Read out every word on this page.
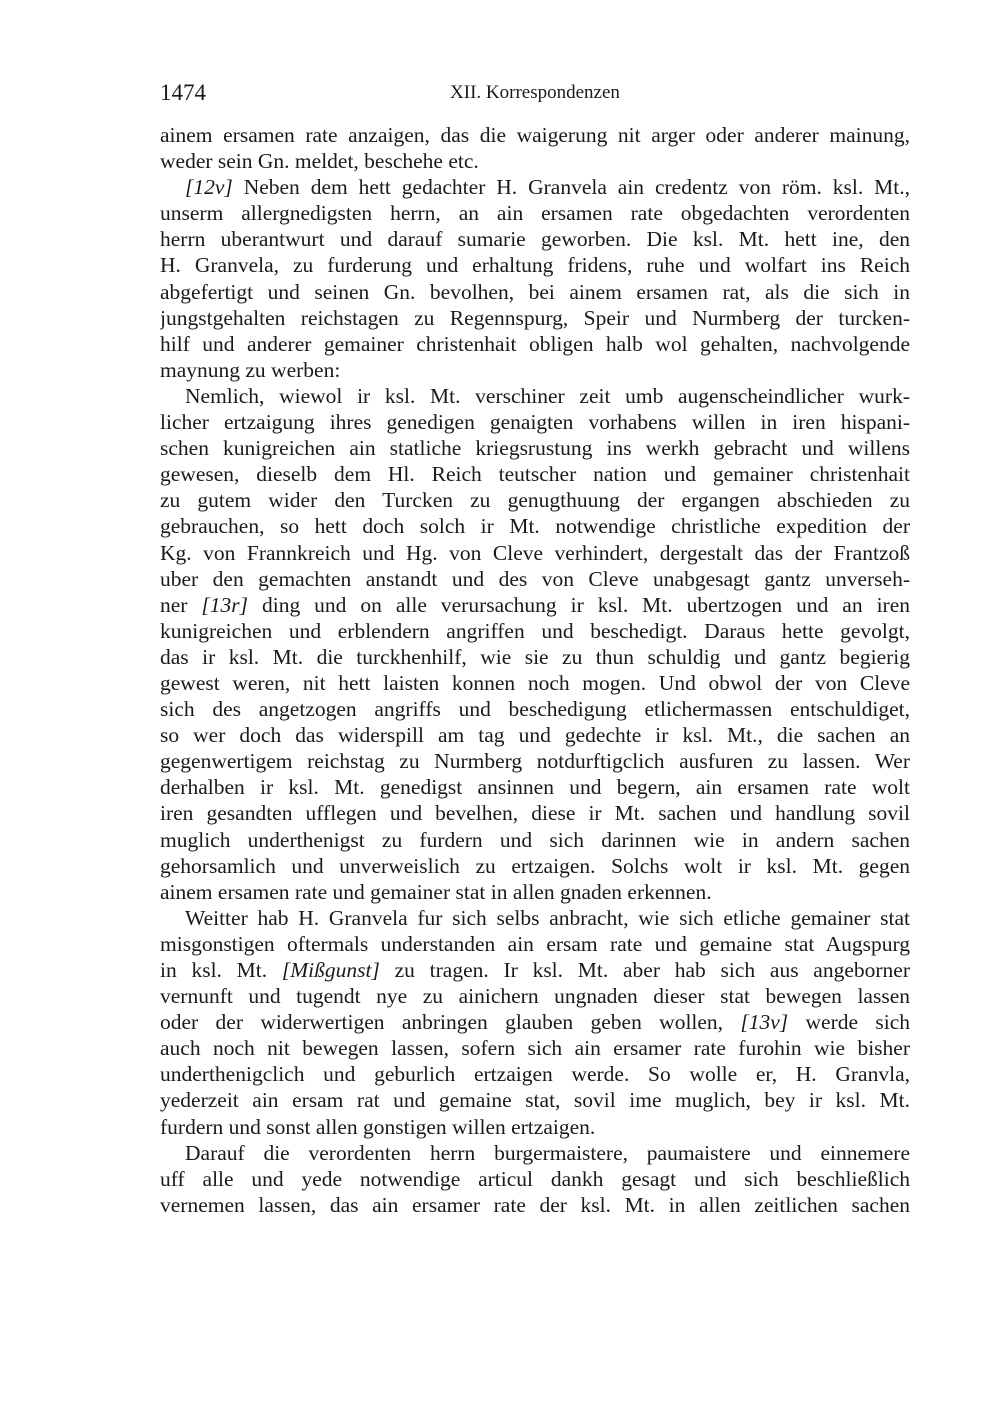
1474	XII. Korrespondenzen
ainem ersamen rate anzaigen, das die waigerung nit arger oder anderer mainung,
weder sein Gn. meldet, beschehe etc.
[12v] Neben dem hett gedachter H. Granvela ain credentz von röm. ksl. Mt.,
unserm allergnedigsten herrn, an ain ersamen rate obgedachten verordenten
herrn uberantwurt und darauf sumarie geworben. Die ksl. Mt. hett ine, den
H. Granvela, zu furderung und erhaltung fridens, ruhe und wolfart ins Reich
abgefertigt und seinen Gn. bevolhen, bei ainem ersamen rat, als die sich in
jungstgehalten reichstagen zu Regennspurg, Speir und Nurmberg der turcken-
hilf und anderer gemainer christenhait obligen halb wol gehalten, nachvolgende
maynung zu werben:
Nemlich, wiewol ir ksl. Mt. verschiner zeit umb augenscheindlicher wurk-
licher ertzaigung ihres genedigen genaigten vorhabens willen in iren hispani-
schen kunigreichen ain statliche kriegsrustung ins werkh gebracht und willens
gewesen, dieselb dem Hl. Reich teutscher nation und gemainer christenhait
zu gutem wider den Turcken zu genugthuung der ergangen abschieden zu
gebrauchen, so hett doch solch ir Mt. notwendige christliche expedition der
Kg. von Frannkreich und Hg. von Cleve verhindert, dergestalt das der Frantzoß
uber den gemachten anstandt und des von Cleve unabgesagt gantz unverseh-
ner [13r] ding und on alle verursachung ir ksl. Mt. ubertzogen und an iren
kunigreichen und erblendern angriffen und beschedigt. Daraus hette gevolgt,
das ir ksl. Mt. die turckhenhilf, wie sie zu thun schuldig und gantz begierig
gewest weren, nit hett laisten konnen noch mogen. Und obwol der von Cleve
sich des angetzogen angriffs und beschedigung etlichermassen entschuldiget,
so wer doch das widerspill am tag und gedechte ir ksl. Mt., die sachen an
gegenwertigem reichstag zu Nurmberg notdurftigclich ausfuren zu lassen. Wer
derhalben ir ksl. Mt. genedigst ansinnen und begern, ain ersamen rate wolt
iren gesandten ufflegen und bevelhen, diese ir Mt. sachen und handlung sovil
muglich underthenigst zu furdern und sich darinnen wie in andern sachen
gehorsamlich und unverweislich zu ertzaigen. Solchs wolt ir ksl. Mt. gegen
ainem ersamen rate und gemainer stat in allen gnaden erkennen.
Weitter hab H. Granvela fur sich selbs anbracht, wie sich etliche gemainer stat
misgonstigen oftermals understanden ain ersam rate und gemaine stat Augspurg
in ksl. Mt. [Mißgunst] zu tragen. Ir ksl. Mt. aber hab sich aus angeborner
vernunft und tugendt nye zu ainichern ungnaden dieser stat bewegen lassen
oder der widerwertigen anbringen glauben geben wollen, [13v] werde sich
auch noch nit bewegen lassen, sofern sich ain ersamer rate furohin wie bisher
underthenigclich und geburlich ertzaigen werde. So wolle er, H. Granvla,
yederzeit ain ersam rat und gemaine stat, sovil ime muglich, bey ir ksl. Mt.
furdern und sonst allen gonstigen willen ertzaigen.
Darauf die verordenten herrn burgermaistere, paumaistere und einnemere
uff alle und yede notwendige articul dankh gesagt und sich beschließlich
vernemen lassen, das ain ersamer rate der ksl. Mt. in allen zeitlichen sachen
